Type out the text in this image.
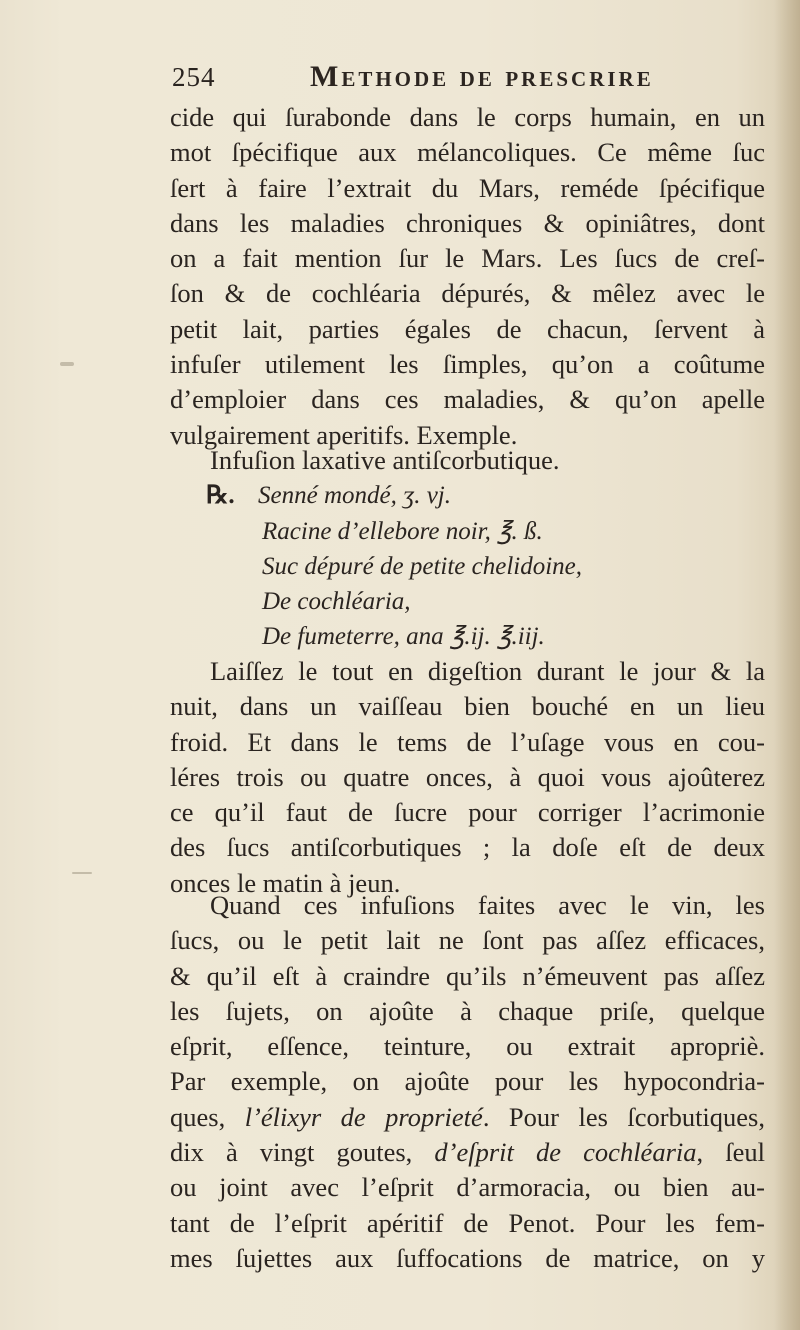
254	Methode de prescrire
cide qui ſurabonde dans le corps humain, en un
mot ſpécifique aux mélancoliques. Ce même ſuc
ſert à faire l’extrait du Mars, reméde ſpécifique
dans les maladies chroniques & opiniâtres, dont
on a fait mention ſur le Mars. Les ſucs de creſ-
ſon & de cochléaria dépurés, & mêlez avec le
petit lait, parties égales de chacun, ſervent à
infuſer utilement les ſimples, qu’on a coûtume
d’emploier dans ces maladies, & qu’on apelle
vulgairement aperitifs. Exemple.
Infuſion laxative antiſcorbutique.
℞. Senné mondé, ʒ. vj.
Racine d’ellebore noir, ℥. ß.
Suc dépuré de petite chelidoine,
De cochléaria,
De fumeterre, ana ℥.ij. ℥.iij.
Laiſſez le tout en digeſtion durant le jour & la
nuit, dans un vaiſſeau bien bouché en un lieu
froid. Et dans le tems de l’uſage vous en cou-
léres trois ou quatre onces, à quoi vous ajoûterez
ce qu’il faut de ſucre pour corriger l’acrimonie
des ſucs antiſcorbutiques ; la doſe eſt de deux
onces le matin à jeun.
Quand ces infuſions faites avec le vin, les
ſucs, ou le petit lait ne ſont pas aſſez efficaces,
& qu’il eſt à craindre qu’ils n’émeuvent pas aſſez
les ſujets, on ajoûte à chaque priſe, quelque
eſprit, eſſence, teinture, ou extrait apropriè.
Par exemple, on ajoûte pour les hypocondria-
ques, l’élixyr de proprieté. Pour les ſcorbutiques,
dix à vingt goutes, d’eſprit de cochléaria, ſeul
ou joint avec l’eſprit d’armoracia, ou bien au-
tant de l’eſprit apéritif de Penot. Pour les fem-
mes ſujettes aux ſuffocations de matrice, on y
